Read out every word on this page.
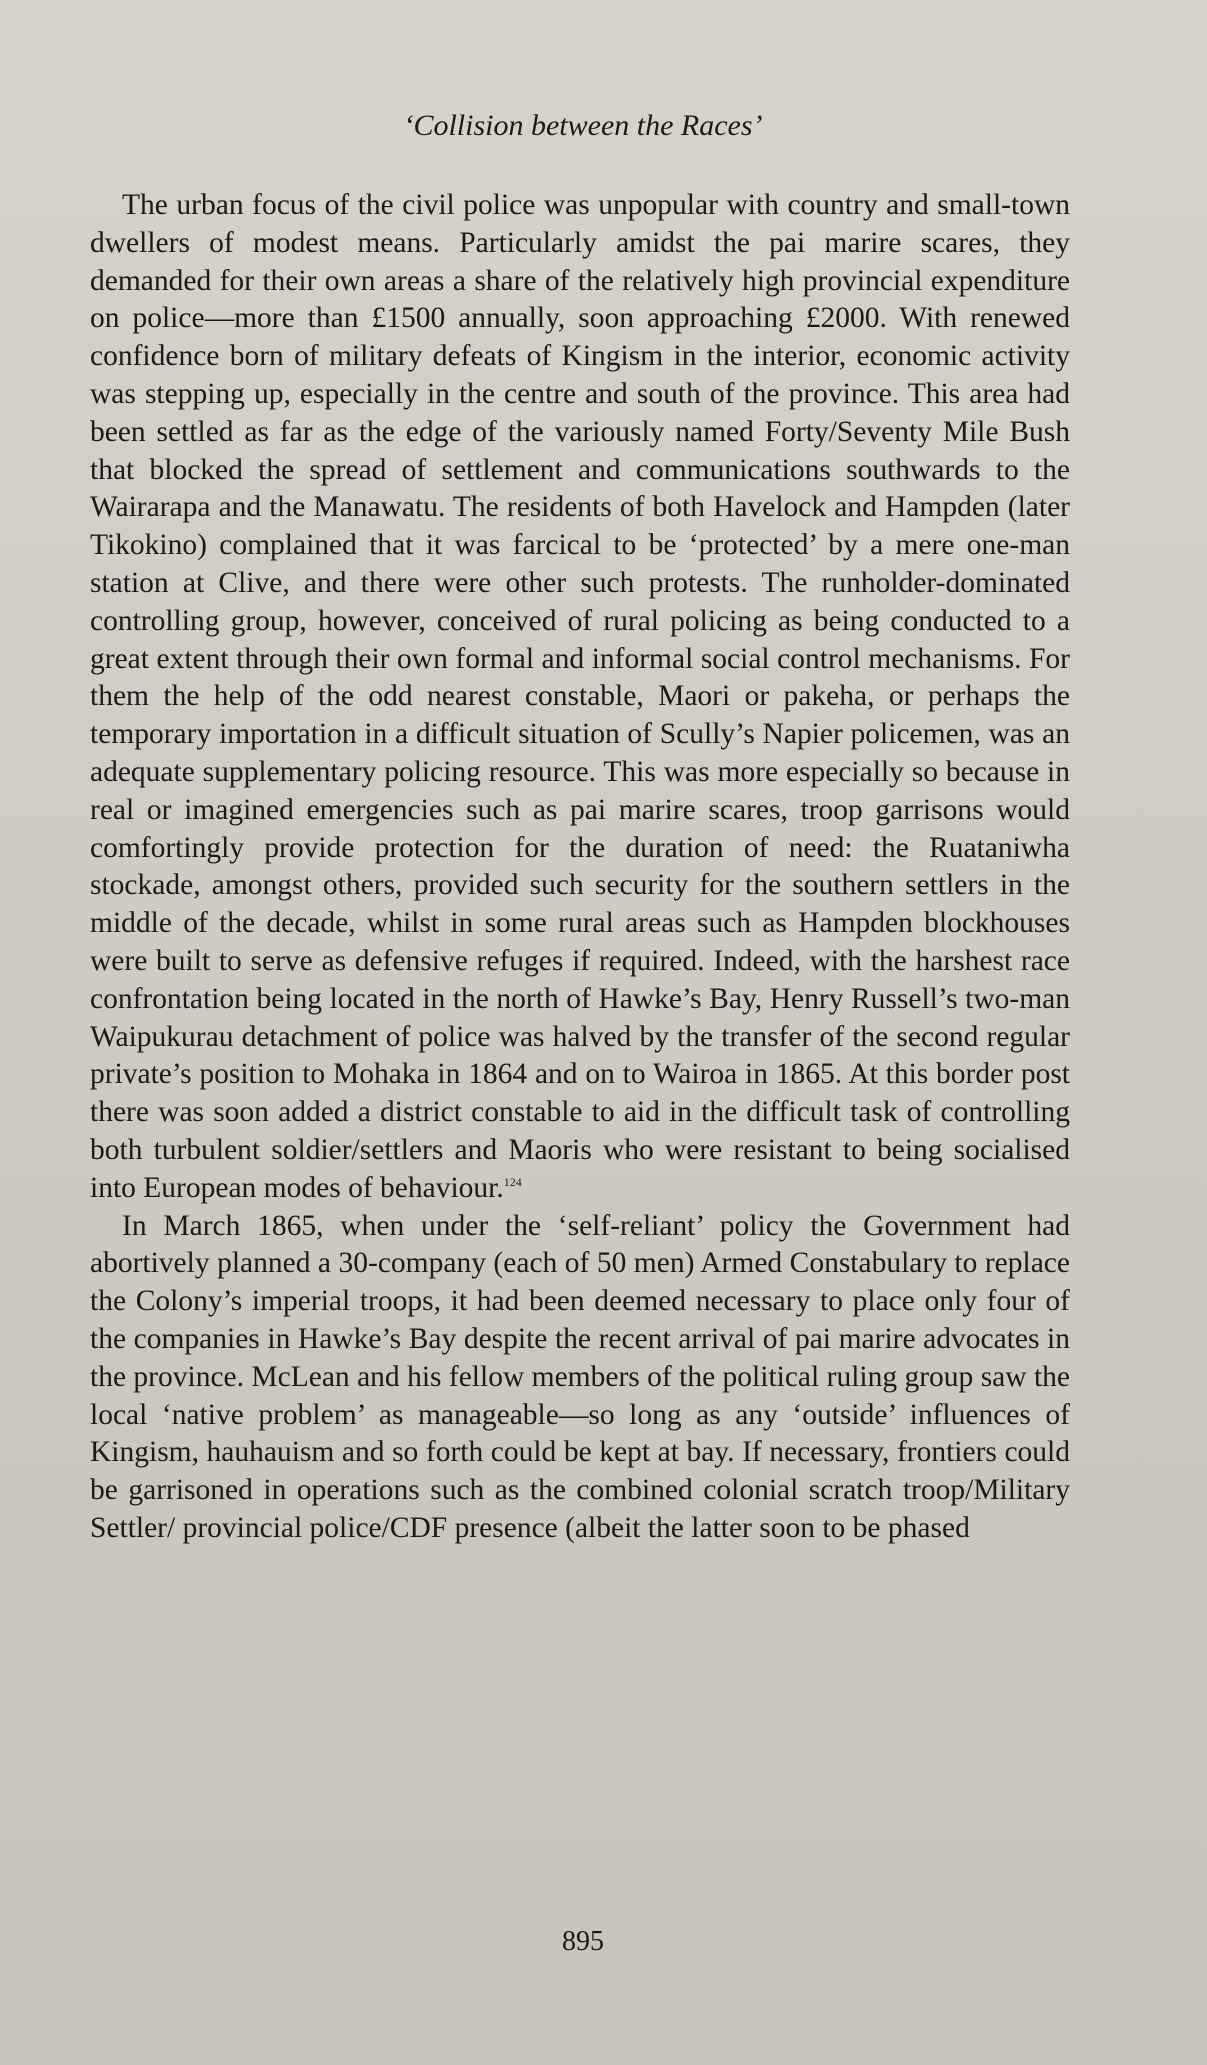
‘Collision between the Races’

The urban focus of the civil police was unpopular with country and small-town dwellers of modest means. Particularly amidst the pai marire scares, they demanded for their own areas a share of the relatively high provincial expenditure on police—more than £1500 annually, soon approaching £2000. With renewed confidence born of military defeats of Kingism in the interior, economic activity was stepping up, especially in the centre and south of the province. This area had been settled as far as the edge of the variously named Forty/Seventy Mile Bush that blocked the spread of settlement and communications southwards to the Wairarapa and the Manawatu. The residents of both Havelock and Hampden (later Tikokino) complained that it was farcical to be ‘protected’ by a mere one-man station at Clive, and there were other such protests. The runholder-dominated controlling group, however, conceived of rural policing as being conducted to a great extent through their own formal and informal social control mechanisms. For them the help of the odd nearest constable, Maori or pakeha, or perhaps the temporary importation in a difficult situation of Scully’s Napier policemen, was an adequate supplementary policing resource. This was more especially so because in real or imagined emergencies such as pai marire scares, troop garrisons would comfortingly provide protection for the duration of need: the Ruataniwha stockade, amongst others, provided such security for the southern settlers in the middle of the decade, whilst in some rural areas such as Hampden blockhouses were built to serve as defensive refuges if required. Indeed, with the harshest race confrontation being located in the north of Hawke’s Bay, Henry Russell’s two-man Waipukurau detachment of police was halved by the transfer of the second regular private’s position to Mohaka in 1864 and on to Wairoa in 1865. At this border post there was soon added a district constable to aid in the difficult task of controlling both turbulent soldier/settlers and Maoris who were resistant to being socialised into European modes of behaviour.$^{124}$

In March 1865, when under the ‘self-reliant’ policy the Government had abortively planned a 30-company (each of 50 men) Armed Constabulary to replace the Colony’s imperial troops, it had been deemed necessary to place only four of the companies in Hawke’s Bay despite the recent arrival of pai marire advocates in the province. McLean and his fellow members of the political ruling group saw the local ‘native problem’ as manageable—so long as any ‘outside’ influences of Kingism, hauhauism and so forth could be kept at bay. If necessary, frontiers could be garrisoned in operations such as the combined colonial scratch troop/Military Settler/ provincial police/CDF presence (albeit the latter soon to be phased

895
